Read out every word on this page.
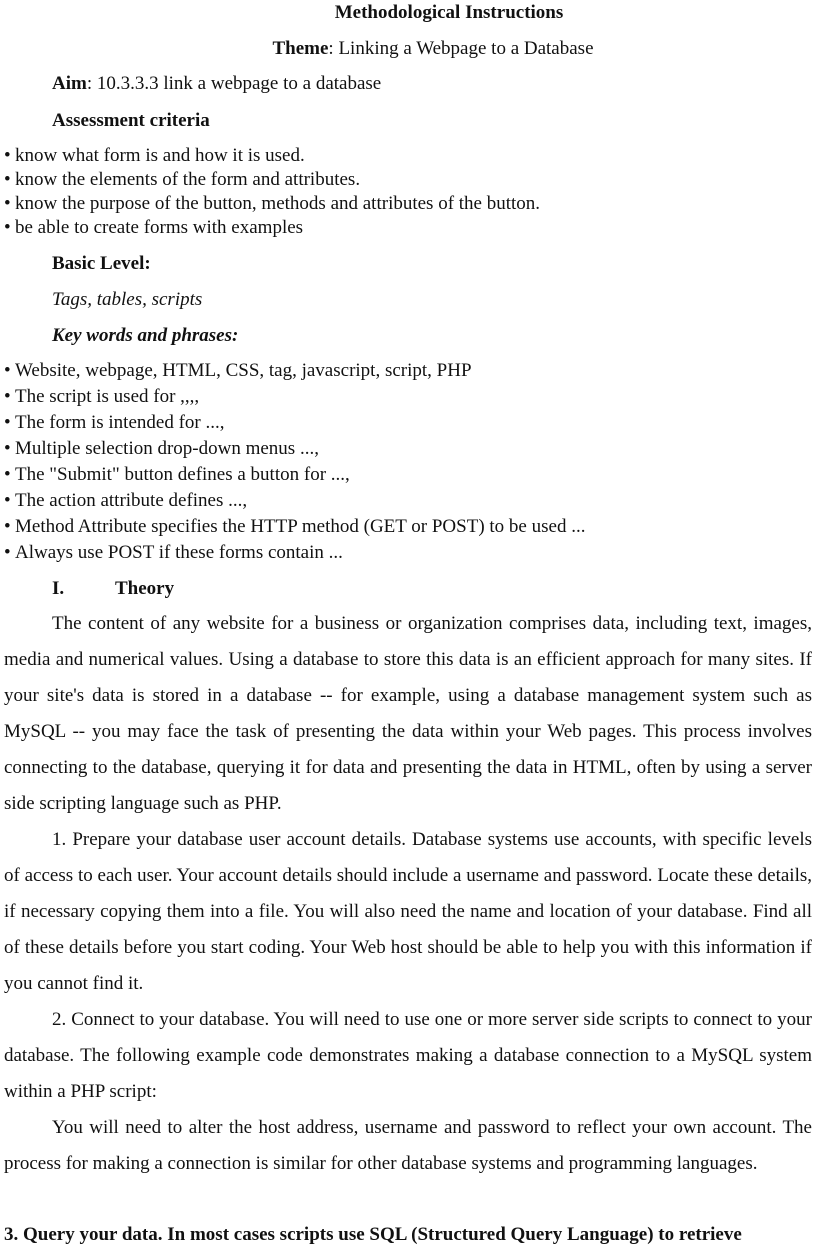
Methodological Instructions
Theme: Linking a Webpage to a Database
Aim: 10.3.3.3 link a webpage to a database
Assessment criteria
• know what form is and how it is used.
• know the elements of the form and attributes.
• know the purpose of the button, methods and attributes of the button.
• be able to create forms with examples
Basic Level:
Tags, tables, scripts
Key words and phrases:
• Website, webpage, HTML, CSS, tag, javascript, script, PHP
• The script is used for ,,,,
• The form is intended for ...,
• Multiple selection drop-down menus ...,
• The "Submit" button defines a button for ...,
• The action attribute defines ...,
• Method Attribute specifies the HTTP method (GET or POST) to be used ...
• Always use POST if these forms contain ...
I.	Theory

The content of any website for a business or organization comprises data, including text, images, media and numerical values. Using a database to store this data is an efficient approach for many sites. If your site's data is stored in a database -- for example, using a database management system such as MySQL -- you may face the task of presenting the data within your Web pages. This process involves connecting to the database, querying it for data and presenting the data in HTML, often by using a server side scripting language such as PHP.

1. Prepare your database user account details. Database systems use accounts, with specific levels of access to each user. Your account details should include a username and password. Locate these details, if necessary copying them into a file. You will also need the name and location of your database. Find all of these details before you start coding. Your Web host should be able to help you with this information if you cannot find it.

2. Connect to your database. You will need to use one or more server side scripts to connect to your database. The following example code demonstrates making a database connection to a MySQL system within a PHP script:

You will need to alter the host address, username and password to reflect your own account. The process for making a connection is similar for other database systems and programming languages.

3. Query your data. In most cases scripts use SQL (Structured Query Language) to retrieve
